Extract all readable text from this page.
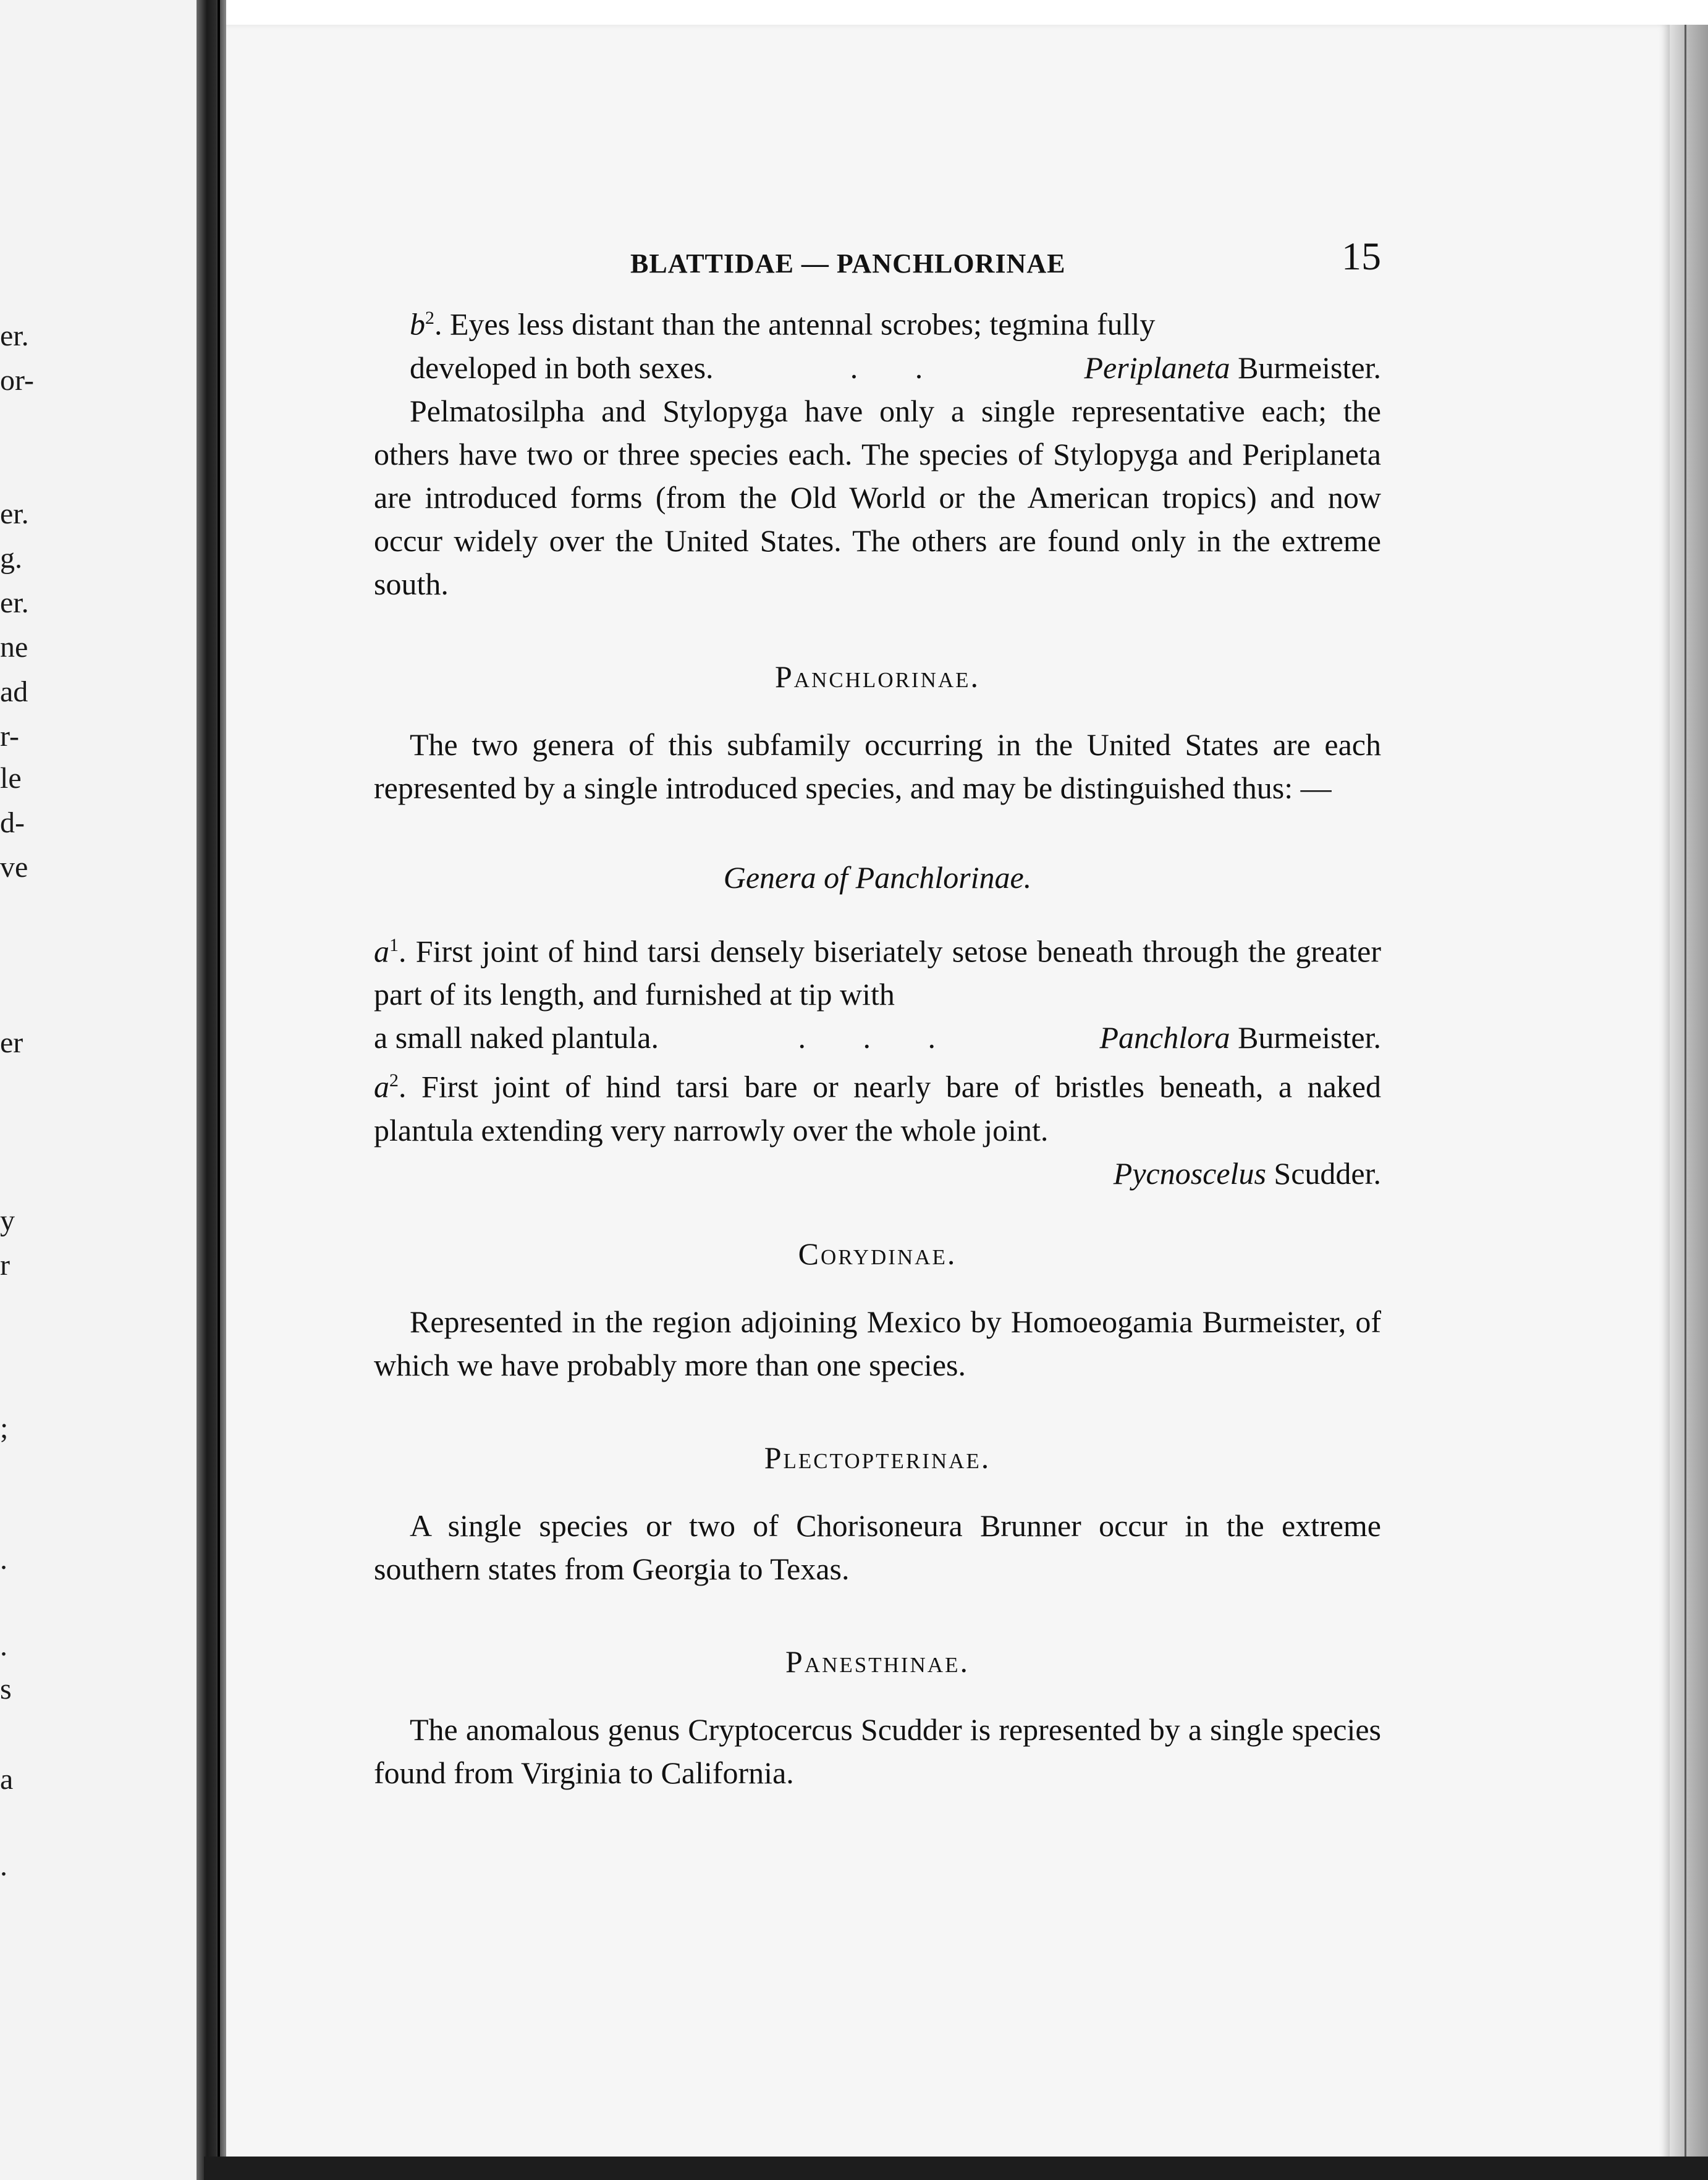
er.
or-
er.
g.
er.
ne
ad
r-
le
d-
ve
er
y
r
;
.
.
s
a
.
BLATTIDAE — PANCHLORINAE	15

$b^2$. Eyes less distant than the antennal scrobes; tegmina fully

developed in both sexes.	. .	Periplaneta Burmeister.

Pelmatosilpha and Stylopyga have only a single representative each; the others have two or three species each. The species of Stylopyga and Periplaneta are introduced forms (from the Old World or the American tropics) and now occur widely over the United States. The others are found only in the extreme south.

Panchlorinae.

The two genera of this subfamily occurring in the United States are each represented by a single introduced species, and may be distinguished thus: —

Genera of Panchlorinae.

$a^1$. First joint of hind tarsi densely biseriately setose beneath through the greater part of its length, and furnished at tip with

a small naked plantula.	. . .	Panchlora Burmeister.

$a^2$. First joint of hind tarsi bare or nearly bare of bristles beneath, a naked plantula extending very narrowly over the whole joint.

Pycnoscelus Scudder.

Corydinae.

Represented in the region adjoining Mexico by Homoeogamia Burmeister, of which we have probably more than one species.

Plectopterinae.

A single species or two of Chorisoneura Brunner occur in the extreme southern states from Georgia to Texas.

Panesthinae.

The anomalous genus Cryptocercus Scudder is represented by a single species found from Virginia to California.
